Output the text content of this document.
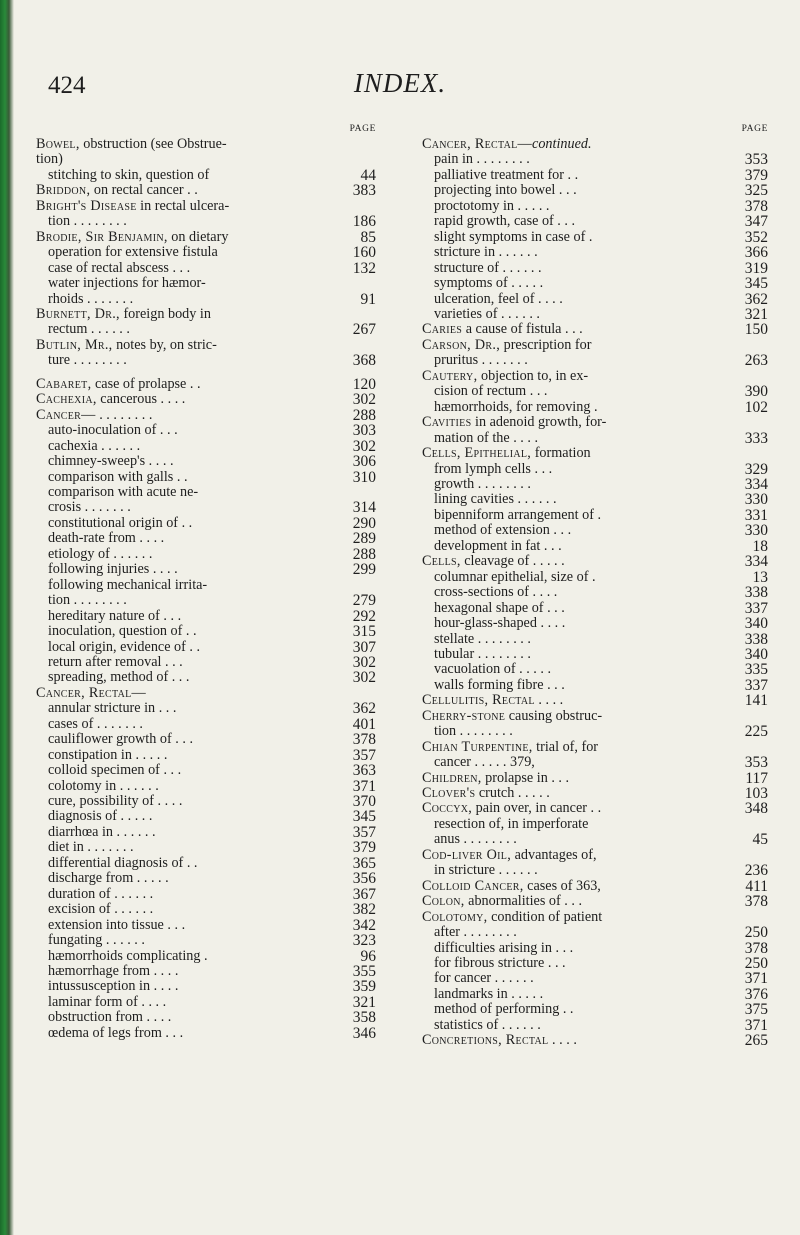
424	INDEX.
PAGE
Bowel, obstruction (see Obstrue-
tion)
stitching to skin, question of	44
Briddon, on rectal cancer . .	383
Bright's Disease in rectal ulcera-
tion . . . . . . . .	186
Brodie, Sir Benjamin, on dietary	85
operation for extensive fistula	160
case of rectal abscess . . .	132
water injections for hæmor-
rhoids . . . . . . .	91
Burnett, Dr., foreign body in
rectum . . . . . .	267
Butlin, Mr., notes by, on stric-
ture . . . . . . . .	368
Cabaret, case of prolapse . .	120
Cachexia, cancerous . . . .	302
Cancer— . . . . . . . .	288
auto-inoculation of . . .	303
cachexia . . . . . .	302
chimney-sweep's . . . .	306
comparison with galls . .	310
comparison with acute ne-
crosis . . . . . . .	314
constitutional origin of . .	290
death-rate from . . . .	289
etiology of . . . . . .	288
following injuries . . . .	299
following mechanical irrita-
tion . . . . . . . .	279
hereditary nature of . . .	292
inoculation, question of . .	315
local origin, evidence of . .	307
return after removal . . .	302
spreading, method of . . .	302
Cancer, Rectal—
annular stricture in . . .	362
cases of . . . . . . .	401
cauliflower growth of . . .	378
constipation in . . . . .	357
colloid specimen of . . .	363
colotomy in . . . . . .	371
cure, possibility of . . . .	370
diagnosis of . . . . .	345
diarrhœa in . . . . . .	357
diet in . . . . . . .	379
differential diagnosis of . .	365
discharge from . . . . .	356
duration of . . . . . .	367
excision of . . . . . .	382
extension into tissue . . .	342
fungating . . . . . .	323
hæmorrhoids complicating .	96
hæmorrhage from . . . .	355
intussusception in . . . .	359
laminar form of . . . .	321
obstruction from . . . .	358
œdema of legs from . . .	346
PAGE
Cancer, Rectal—continued.
pain in . . . . . . . .	353
palliative treatment for . .	379
projecting into bowel . . .	325
proctotomy in . . . . .	378
rapid growth, case of . . .	347
slight symptoms in case of .	352
stricture in . . . . . .	366
structure of . . . . . .	319
symptoms of . . . . .	345
ulceration, feel of . . . .	362
varieties of . . . . . .	321
Caries a cause of fistula . . .	150
Carson, Dr., prescription for
pruritus . . . . . . .	263
Cautery, objection to, in ex-
cision of rectum . . .	390
hæmorrhoids, for removing .	102
Cavities in adenoid growth, for-
mation of the . . . .	333
Cells, Epithelial, formation
from lymph cells . . .	329
growth . . . . . . . .	334
lining cavities . . . . . .	330
bipenniform arrangement of .	331
method of extension . . .	330
development in fat . . .	18
Cells, cleavage of . . . . .	334
columnar epithelial, size of .	13
cross-sections of . . . .	338
hexagonal shape of . . .	337
hour-glass-shaped . . . .	340
stellate . . . . . . . .	338
tubular . . . . . . . .	340
vacuolation of . . . . .	335
walls forming fibre . . .	337
Cellulitis, Rectal . . . .	141
Cherry-stone causing obstruc-
tion . . . . . . . .	225
Chian Turpentine, trial of, for
cancer . . . . . 379,	353
Children, prolapse in . . .	117
Clover's crutch . . . . .	103
Coccyx, pain over, in cancer . .	348
resection of, in imperforate
anus . . . . . . . .	45
Cod-liver Oil, advantages of,
in stricture . . . . . .	236
Colloid Cancer, cases of 363,	411
Colon, abnormalities of . . .	378
Colotomy, condition of patient
after . . . . . . . .	250
difficulties arising in . . .	378
for fibrous stricture . . .	250
for cancer . . . . . .	371
landmarks in . . . . .	376
method of performing . .	375
statistics of . . . . . .	371
Concretions, Rectal . . . .	265
